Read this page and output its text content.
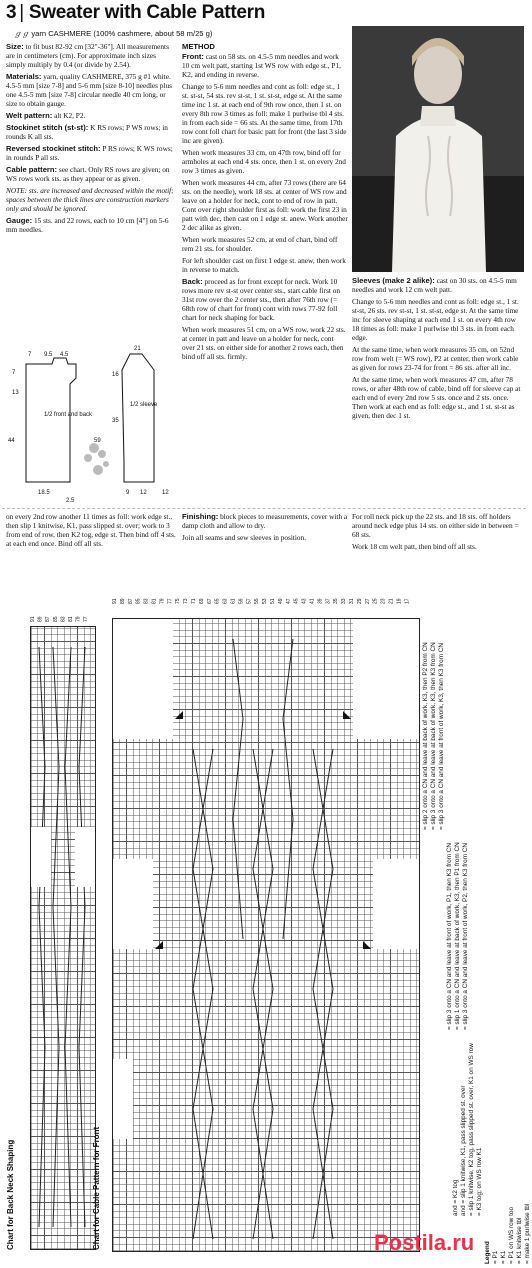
3 | Sweater with Cable Pattern
ℊℊ yarn CASHMERE (100% cashmere, about 58 m/25 g)

Size: to fit bust 82-92 cm [32"-36"]. All measurements are in centimeters (cm). For approximate inch sizes simply multiply by 0.4 (or divide by 2.54).

Materials: yarn, quality CASHMERE, 375 g #1 white. 4.5-5 mm [size 7-8] and 5-6 mm [size 8-10] needles plus one 4.5-5 mm [size 7-8] circular needle 40 cm long, or size to obtain gauge.

Welt pattern: alt K2, P2.

Stockinet stitch (st-st): K RS rows; P WS rows; in rounds K all sts.

Reversed stockinet stitch: P RS rows; K WS rows; in rounds P all sts.

Cable pattern: see chart. Only RS rows are given; on WS rows work sts. as they appear or as given.

NOTE: sts. are increased and decreased within the motif; spaces between the thick lines are construction markers only and should be ignored.

Gauge: 15 sts. and 22 rows, each to 10 cm [4"] on 5-6 mm needles.

1/2 front and back
1/2 sleeve
7 9.5 4.5
7
13
44
18.5
2.5
21
16
35
59
9 12	12

METHOD

Front: cast on 58 sts. on 4.5-5 mm needles and work 10 cm welt patt, starting 1st WS row with edge st., P1, K2, and ending in reverse.

Change to 5-6 mm needles and cont as foll: edge st., 1 st. st-st, 54 sts. rev st-st, 1 st. st-st, edge st. At the same time inc 1 st. at each end of 9th row once, then 1 st. on every 8th row 3 times as foll: make 1 purlwise tbl 4 sts. in from each side = 66 sts. At the same time, from 17th row cont foll chart for basic patt for front (the last 3 side inc are given).

When work measures 33 cm, on 47th row, bind off for armholes at each end 4 sts. once, then 1 st. on every 2nd row 3 times as given.

When work measures 44 cm, after 73 rows (there are 64 sts. on the needle), work 18 sts. at center of WS row and leave on a holder for neck, cont to end of row in patt. Cont over right shoulder first as foll: work the first 23 in patt with dec, then cast on 1 edge st. anew. Work another 2 dec alike as given.

When work measures 52 cm, at end of chart, bind off rem 21 sts. for shoulder.

For left shoulder cast on first 1 edge st. anew, then work in reverse to match.

Back: proceed as for front except for neck. Work 10 rows more rev st-st over center sts., start cable first on 31st row over the 2 center sts., then after 76th row (= 68th row of chart for front) cont with rows 77-92 foll chart for neck shaping for back.

When work measures 51 cm, on a WS row, work 22 sts. at center in patt and leave on a holder for neck, cont over 21 sts. on either side for another 2 rows each, then bind off all sts. firmly.

Sleeves (make 2 alike): cast on 30 sts. on 4.5-5 mm needles and work 12 cm welt patt.

Change to 5-6 mm needles and cont as foll: edge st., 1 st. st-st, 26 sts. rev st-st, 1 st. st-st, edge st. At the same time inc for sleeve shaping at each end 1 st. on every 4th row 18 times as foll: make 1 purlwise tbl 3 sts. in from each edge.

At the same time, when work measures 35 cm, on 52nd row from welt (= WS row), P2 at center, then work cable as given for rows 23-74 for front = 86 sts. after all inc.

At the same time, when work measures 47 cm, after 78 rows, or after 48th row of cable, bind off for sleeve cap at each end of every 2nd row 5 sts. once and 2 sts. once. Then work at each end as foll: edge st., and 1 st. st-st as given, then dec 1 st.

on every 2nd row another 11 times as foll: work edge st., then slip 1 knitwise, K1, pass slipped st. over; work to 3 from end of row, then K2 tog, edge st. Then bind off 4 sts. at each end once. Bind off all sts.

Finishing: block pieces to measurements, cover with a damp cloth and allow to dry.

Join all seams and sew sleeves in position.

For roll neck pick up the 22 sts. and 18 sts. off holders around neck edge plus 14 sts. on either side in between = 68 sts.

Work 18 cm welt patt, then bind off all sts.

91 89 87 85 83 81 79 77
Chart for Back Neck Shaping
91 89 87 85 83 81 79 77 75 73 71 69 67 65 63 61 59 57 55 53 51 49 47 45 43 41 39 37 35 33 31 29 27 25 23 21 19 17
Chart for Cable Pattern for Front
= slip 2 onto a CN and leave at back of work, K3, then P2 from CN = slip 3 onto a CN and leave at back of work, K3, then K3 from CN = slip 3 onto a CN and leave at front of work, K3, then K3 from CN
= slip 3 onto a CN and leave at front of work, P1, then K3 from CN = slip 1 onto a CN and leave at back of work, K3, then P1 from CN = slip 3 onto a CN and leave at front of work, P2, then K3 from CN
and = K2 tog and = slip 1 knitwise, K1, pass slipped st. over = slip 1 knitwise, K2 tog, pass slipped st. over, K1 on WS row = K3 tog; on WS row K1
Legend = P1 = K1 = P1 on WS row too = K1 knitwise tbl = make 1 purlwise tbl
Postila.ru
